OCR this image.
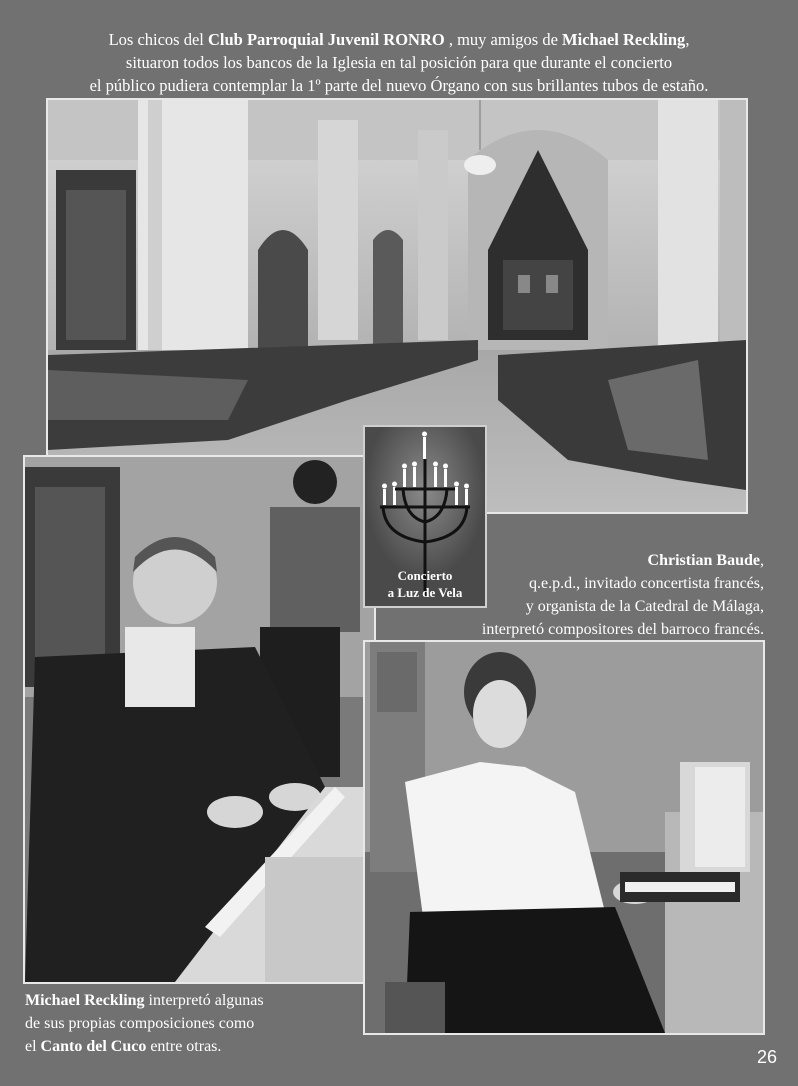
Los chicos del Club Parroquial Juvenil RONRO , muy amigos de Michael Reckling,
situaron todos los bancos de la Iglesia en tal posición para que durante el concierto
el público pudiera contemplar la 1º parte del nuevo Órgano con sus brillantes tubos de estaño.
Concierto
a Luz de Vela
Christian Baude,
q.e.p.d., invitado concertista francés,
y organista de la Catedral de Málaga,
interpretó compositores del barroco francés.
Michael Reckling interpretó algunas
de sus propias composiciones como
el Canto del Cuco entre otras.
26
